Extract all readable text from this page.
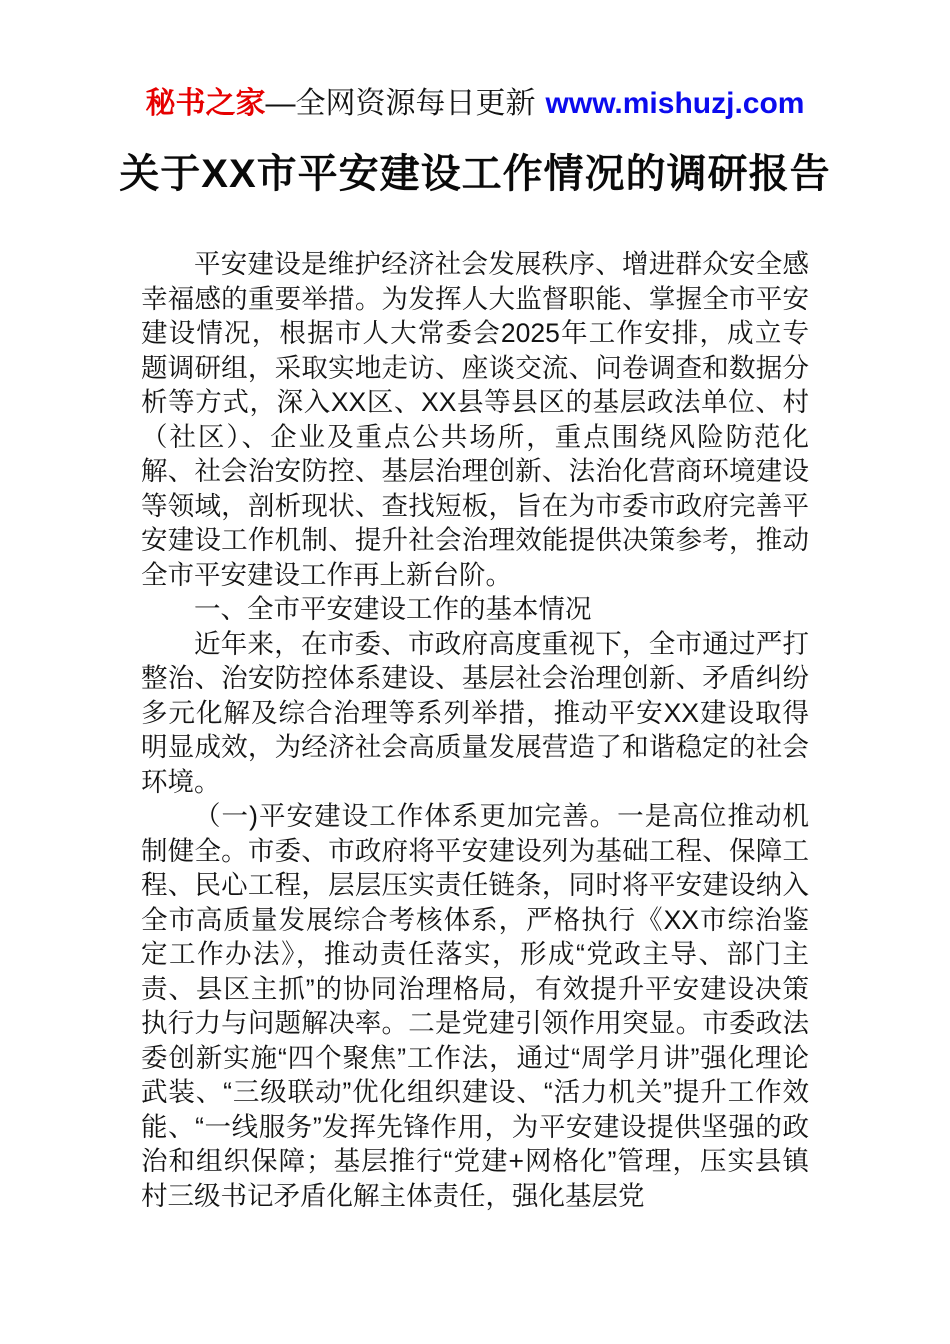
秘书之家—全网资源每日更新 www.mishuzj.com
关于XX市平安建设工作情况的调研报告

平安建设是维护经济社会发展秩序、增进群众安全感幸福感的重要举措。为发挥人大监督职能、掌握全市平安建设情况，根据市人大常委会2025年工作安排，成立专题调研组，采取实地走访、座谈交流、问卷调查和数据分析等方式，深入XX区、XX县等县区的基层政法单位、村（社区）、企业及重点公共场所，重点围绕风险防范化解、社会治安防控、基层治理创新、法治化营商环境建设等领域，剖析现状、查找短板，旨在为市委市政府完善平安建设工作机制、提升社会治理效能提供决策参考，推动全市平安建设工作再上新台阶。

一、全市平安建设工作的基本情况

近年来，在市委、市政府高度重视下，全市通过严打整治、治安防控体系建设、基层社会治理创新、矛盾纠纷多元化解及综合治理等系列举措，推动平安XX建设取得明显成效，为经济社会高质量发展营造了和谐稳定的社会环境。

（一)平安建设工作体系更加完善。一是高位推动机制健全。市委、市政府将平安建设列为基础工程、保障工程、民心工程，层层压实责任链条，同时将平安建设纳入全市高质量发展综合考核体系，严格执行《XX市综治鉴定工作办法》，推动责任落实，形成“党政主导、部门主责、县区主抓”的协同治理格局，有效提升平安建设决策执行力与问题解决率。二是党建引领作用突显。市委政法委创新实施“四个聚焦”工作法，通过“周学月讲”强化理论武装、“三级联动”优化组织建设、“活力机关”提升工作效能、“一线服务”发挥先锋作用，为平安建设提供坚强的政治和组织保障；基层推行“党建+网格化”管理，压实县镇村三级书记矛盾化解主体责任，强化基层党
